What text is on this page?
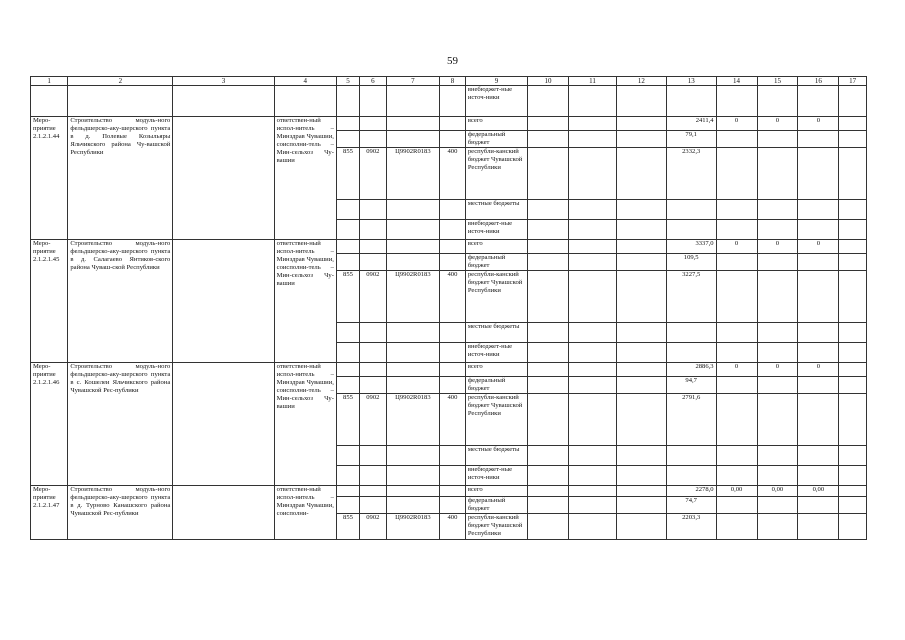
59
1	2	3	4	5	6	7	8	9	10	11	12	13	14	15	16	17
								внебюджет-ные источ-ники								
Меро-приятие 2.1.2.1.44	Строительство модуль-ного фельдшерско-аку-шерского пункта в д. Полевые Козыльяры Яльчикского района Чу-вашской Республики		ответствен-ный испол-нитель – Минздрав Чувашии, соисполни-тель – Мин-сельхоз Чу-вашии					всего				2411,4	0	0	0	
								федеральный бюджет				79,1				
				855	0902	Ц9902R0183	400	республи-канский бюджет Чувашской Республики				2332,3				
								местные бюджеты								
								внебюджет-ные источ-ники								
Меро-приятие 2.1.2.1.45	Строительство модуль-ного фельдшерско-аку-шерского пункта в д. Салагаево Янтиков-ского района Чуваш-ской Республики		ответствен-ный испол-нитель – Минздрав Чувашии, соисполни-тель – Мин-сельхоз Чу-вашии					всего				3337,0	0	0	0	
								федеральный бюджет				109,5				
				855	0902	Ц9902R0183	400	республи-канский бюджет Чувашской Республики				3227,5				
								местные бюджеты								
								внебюджет-ные источ-ники								
Меро-приятие 2.1.2.1.46	Строительство модуль-ного фельдшерско-аку-шерского пункта в с. Кошелеи Яльчикского района Чувашской Рес-публики		ответствен-ный испол-нитель – Минздрав Чувашии, соисполни-тель – Мин-сельхоз Чу-вашии					всего				2886,3	0	0	0	
								федеральный бюджет				94,7				
				855	0902	Ц9902R0183	400	республи-канский бюджет Чувашской Республики				2791,6				
								местные бюджеты								
								внебюджет-ные источ-ники								
Меро-приятие 2.1.2.1.47	Строительство модуль-ного фельдшерско-аку-шерского пункта в д. Турново Канашского района Чувашской Рес-публики		ответствен-ный испол-нитель – Минздрав Чувашии, соисполни-					всего				2278,0	0,00	0,00	0,00	
								федеральный бюджет				74,7				
				855	0902	Ц9902R0183	400	республи-канский бюджет Чувашской Республики				2203,3				
